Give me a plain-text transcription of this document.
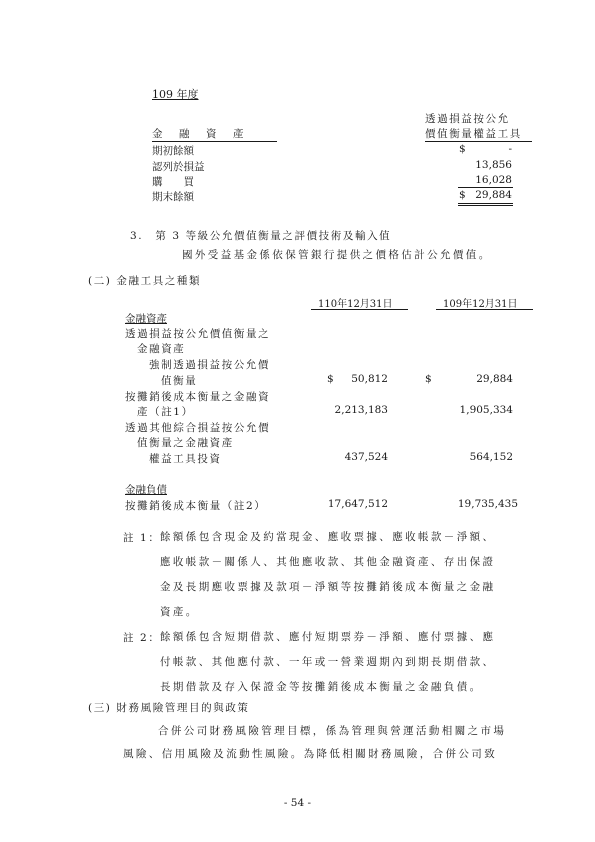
109 年度
透過損益按公允
價值衡量權益工具
金　融　資　產
期初餘額	$	-
認列於損益	13,856
購　　買	16,028
期末餘額	$ 29,884
3.　第 3 等級公允價值衡量之評價技術及輸入值
國外受益基金係依保管銀行提供之價格估計公允價值。
(二) 金融工具之種類
110年12月31日	109年12月31日
金融資產
透過損益按公允價值衡量之
金融資產
強制透過損益按公允價
值衡量	$	50,812	$	29,884
按攤銷後成本衡量之金融資
產（註1）	2,213,183	1,905,334
透過其他綜合損益按公允價
值衡量之金融資產
權益工具投資	437,524	564,152
金融負債
按攤銷後成本衡量（註2）	17,647,512	19,735,435
註 1： 餘額係包含現金及約當現金、應收票據、應收帳款－淨額、
應收帳款－關係人、其他應收款、其他金融資產、存出保證
金及長期應收票據及款項－淨額等按攤銷後成本衡量之金融
資產。
註 2： 餘額係包含短期借款、應付短期票券－淨額、應付票據、應
付帳款、其他應付款、一年或一營業週期內到期長期借款、
長期借款及存入保證金等按攤銷後成本衡量之金融負債。
(三) 財務風險管理目的與政策
合併公司財務風險管理目標，係為管理與營運活動相關之市場
風險、信用風險及流動性風險。為降低相關財務風險，合併公司致
- 54 -
